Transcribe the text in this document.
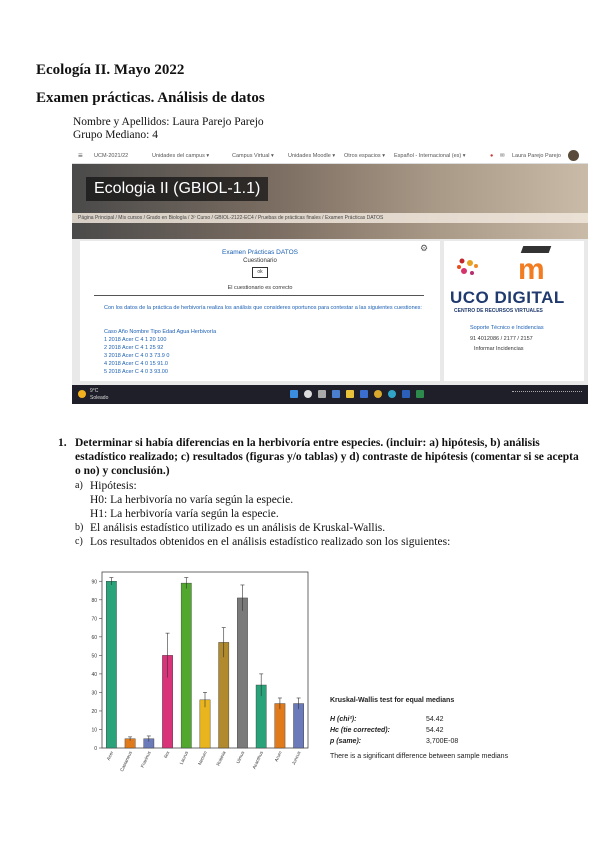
Ecología II. Mayo 2022
Examen prácticas. Análisis de datos
Nombre y Apellidos: Laura Parejo Parejo
Grupo Mediano: 4
≡ UCM-2021/22	Unidades del campus ▾	Campus Virtual ▾	Unidades Moodle ▾ Otros espacios ▾ Español - Internacional (es) ▾	● ✉ Laura Parejo Parejo
Ecologia II (GBIOL-1.1)
Página Principal / Mis cursos / Grado en Biología / 3º Curso / GBIOL-2122-EC4 / Pruebas de prácticas finales / Examen Prácticas DATOS
⚙
Examen Prácticas DATOS
Cuestionario
ok
El cuestionario es correcto
Con los datos de la práctica de herbivoría realiza los análisis que consideres oportunos para contestar a las siguientes cuestiones:
Caso Año Nombre Tipo Edad Agua Herbivoría
1 2018 Acer C 4 1 20 100
2 2018 Acer C 4 1 25 92
3 2018 Acer C 4 0 3 73.9 0
4 2018 Acer C 4 0 15 91.0
5 2018 Acer C 4 0 3 93.00
m
UCO DIGITAL
CENTRO DE RECURSOS VIRTUALES
Soporte Técnico e Incidencias
91 4012086 / 2177 / 2157
Informar Incidencias
9°C
Soleado
1. Determinar si había diferencias en la herbivoría entre especies. (incluir: a) hipótesis, b) análisis estadístico realizado; c) resultados (figuras y/o tablas) y d) contraste de hipótesis (comentar si se acepta o no) y conclusión.)
a) Hipótesis:
H0: La herbivoría no varía según la especie.
H1: La herbivoría varía según la especie.
b) El análisis estadístico utilizado es un análisis de Kruskal-Wallis.
c) Los resultados obtenidos en el análisis estadístico realizado son los siguientes:
0
10
20
30
40
50
60
70
80
90
Acer Castaneus Fraxinus Ilex Laurus Nerium Robinia Ulmus Acanthus Arum Juncus
Kruskal-Wallis test for equal medians
H (chi²):	54.42
Hc (tie corrected):	54.42
p (same):	3,700E-08
There is a significant difference between sample medians
